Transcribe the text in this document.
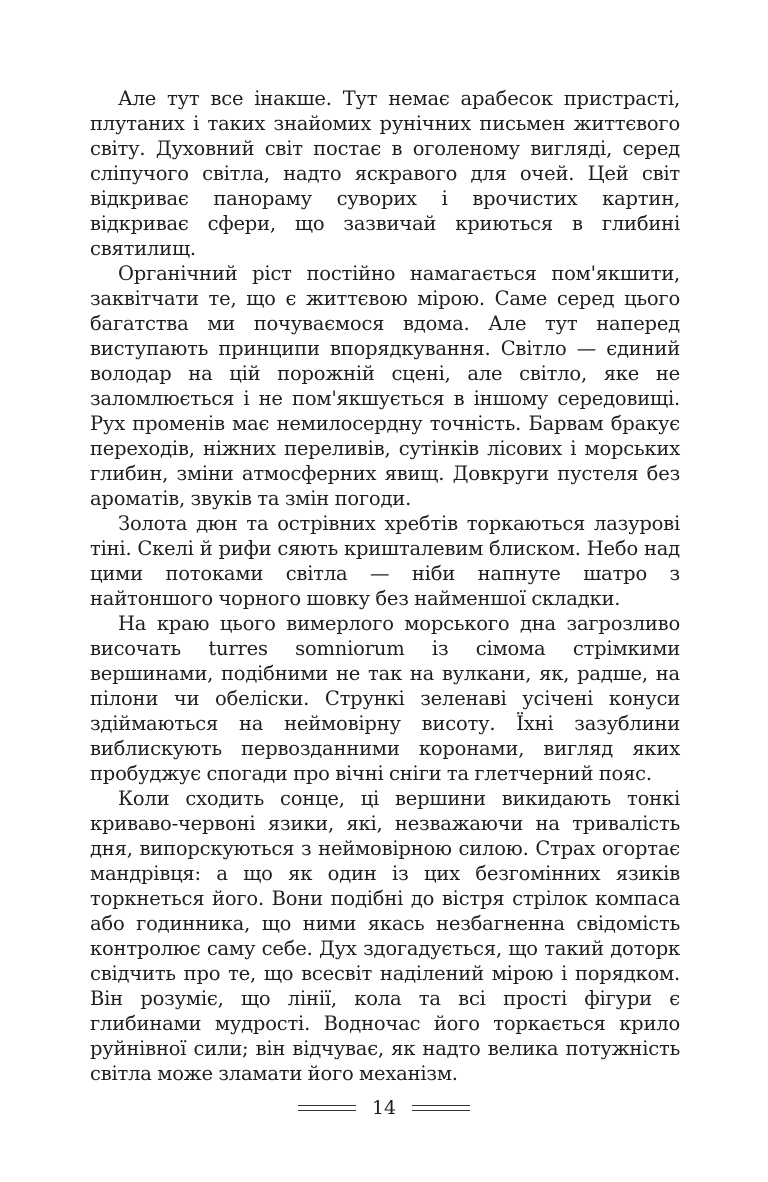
Але тут все інакше. Тут немає арабесок пристрасті, плутаних і таких знайомих рунічних письмен життєвого світу. Духовний світ постає в оголеному вигляді, серед сліпучого світла, надто яскравого для очей. Цей світ відкриває панораму суворих і врочистих картин, відкриває сфери, що зазвичай криються в глибині святилищ.

Органічний ріст постійно намагається пом'якшити, заквітчати те, що є життєвою мірою. Саме серед цього багатства ми почуваємося вдома. Але тут наперед виступають принципи впорядкування. Світло — єдиний володар на цій порожній сцені, але світло, яке не заломлюється і не пом'якшується в іншому середовищі. Рух променів має немилосердну точність. Барвам бракує переходів, ніжних переливів, сутінків лісових і морських глибин, зміни атмосферних явищ. Довкруги пустеля без ароматів, звуків та змін погоди.

Золота дюн та острівних хребтів торкаються лазурові тіні. Скелі й рифи сяють кришталевим блиском. Небо над цими потоками світла — ніби напнуте шатро з найтоншого чорного шовку без найменшої складки.

На краю цього вимерлого морського дна загрозливо височать turres somniorum із сімома стрімкими вершинами, подібними не так на вулкани, як, радше, на пілони чи обеліски. Стрункі зеленаві усічені конуси здіймаються на неймовірну висоту. Їхні зазублини виблискують первозданними коронами, вигляд яких пробуджує спогади про вічні сніги та глетчерний пояс.

Коли сходить сонце, ці вершини викидають тонкі криваво-червоні язики, які, незважаючи на тривалість дня, випорскуються з неймовірною силою. Страх огортає мандрівця: а що як один із цих безгомінних язиків торкнеться його. Вони подібні до вістря стрілок компаса або годинника, що ними якась незбагненна свідомість контролює саму себе. Дух здогадується, що такий доторк свідчить про те, що всесвіт наділений мірою і порядком. Він розуміє, що лінії, кола та всі прості фігури є глибинами мудрості. Водночас його торкається крило руйнівної сили; він відчуває, як надто велика потужність світла може зламати його механізм.

14
